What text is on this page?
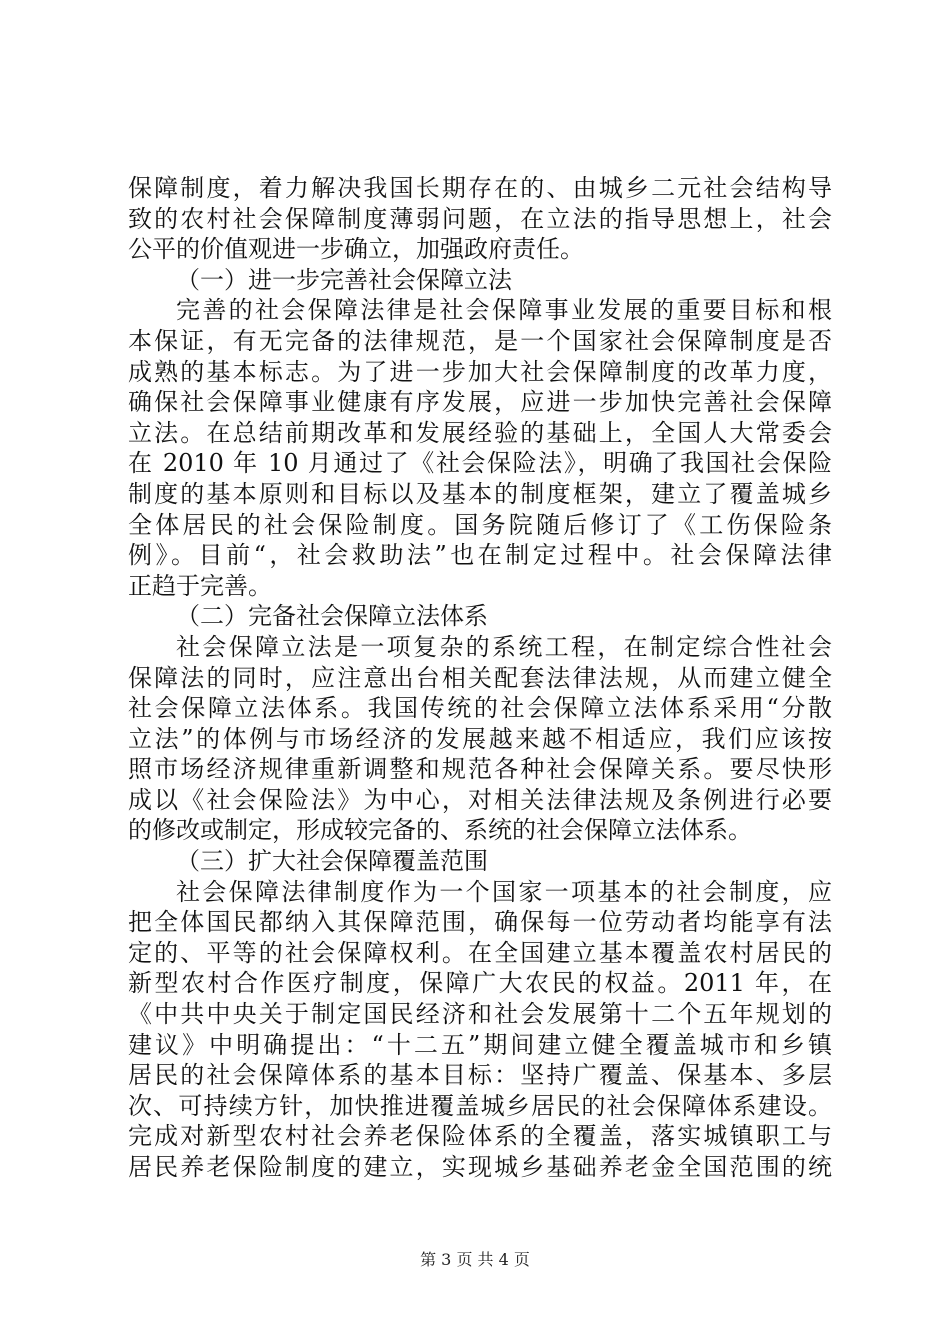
保障制度，着力解决我国长期存在的、由城乡二元社会结构导
致的农村社会保障制度薄弱问题，在立法的指导思想上，社会
公平的价值观进一步确立，加强政府责任。
（一）进一步完善社会保障立法
完善的社会保障法律是社会保障事业发展的重要目标和根
本保证，有无完备的法律规范，是一个国家社会保障制度是否
成熟的基本标志。为了进一步加大社会保障制度的改革力度，
确保社会保障事业健康有序发展，应进一步加快完善社会保障
立法。在总结前期改革和发展经验的基础上，全国人大常委会
在 2010 年 10 月通过了《社会保险法》，明确了我国社会保险
制度的基本原则和目标以及基本的制度框架，建立了覆盖城乡
全体居民的社会保险制度。国务院随后修订了《工伤保险条
例》。目前“，社会救助法”也在制定过程中。社会保障法律
正趋于完善。
（二）完备社会保障立法体系
社会保障立法是一项复杂的系统工程，在制定综合性社会
保障法的同时，应注意出台相关配套法律法规，从而建立健全
社会保障立法体系。我国传统的社会保障立法体系采用“分散
立法”的体例与市场经济的发展越来越不相适应，我们应该按
照市场经济规律重新调整和规范各种社会保障关系。要尽快形
成以《社会保险法》为中心，对相关法律法规及条例进行必要
的修改或制定，形成较完备的、系统的社会保障立法体系。
（三）扩大社会保障覆盖范围
社会保障法律制度作为一个国家一项基本的社会制度，应
把全体国民都纳入其保障范围，确保每一位劳动者均能享有法
定的、平等的社会保障权利。在全国建立基本覆盖农村居民的
新型农村合作医疗制度，保障广大农民的权益。2011 年，在
《中共中央关于制定国民经济和社会发展第十二个五年规划的
建议》中明确提出：“十二五”期间建立健全覆盖城市和乡镇
居民的社会保障体系的基本目标：坚持广覆盖、保基本、多层
次、可持续方针，加快推进覆盖城乡居民的社会保障体系建设。
完成对新型农村社会养老保险体系的全覆盖，落实城镇职工与
居民养老保险制度的建立，实现城乡基础养老金全国范围的统
第 3 页 共 4 页
